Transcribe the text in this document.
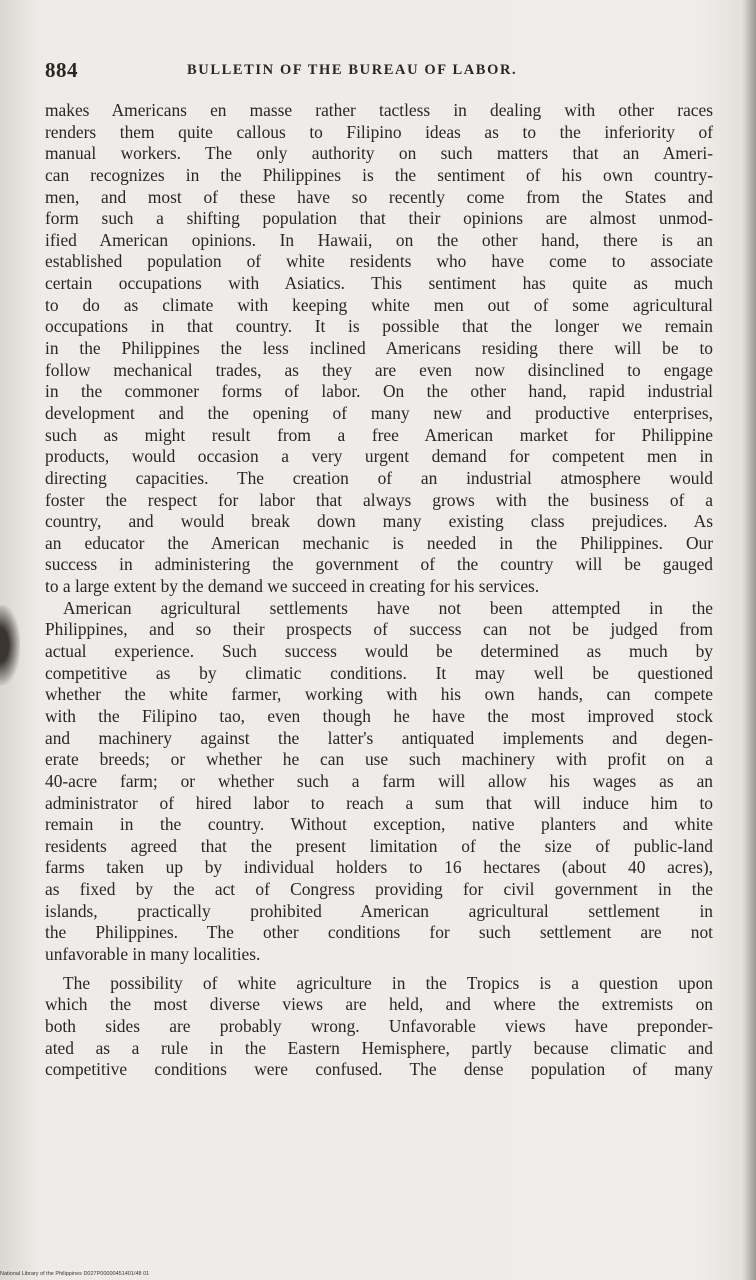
884	BULLETIN OF THE BUREAU OF LABOR.

makes Americans en masse rather tactless in dealing with other races

renders them quite callous to Filipino ideas as to the inferiority of

manual workers. The only authority on such matters that an Ameri-

can recognizes in the Philippines is the sentiment of his own country-

men, and most of these have so recently come from the States and

form such a shifting population that their opinions are almost unmod-

ified American opinions. In Hawaii, on the other hand, there is an

established population of white residents who have come to associate

certain occupations with Asiatics. This sentiment has quite as much

to do as climate with keeping white men out of some agricultural

occupations in that country. It is possible that the longer we remain

in the Philippines the less inclined Americans residing there will be to

follow mechanical trades, as they are even now disinclined to engage

in the commoner forms of labor. On the other hand, rapid industrial

development and the opening of many new and productive enterprises,

such as might result from a free American market for Philippine

products, would occasion a very urgent demand for competent men in

directing capacities. The creation of an industrial atmosphere would

foster the respect for labor that always grows with the business of a

country, and would break down many existing class prejudices. As

an educator the American mechanic is needed in the Philippines. Our

success in administering the government of the country will be gauged

to a large extent by the demand we succeed in creating for his services.

American agricultural settlements have not been attempted in the

Philippines, and so their prospects of success can not be judged from

actual experience. Such success would be determined as much by

competitive as by climatic conditions. It may well be questioned

whether the white farmer, working with his own hands, can compete

with the Filipino tao, even though he have the most improved stock

and machinery against the latter's antiquated implements and degen-

erate breeds; or whether he can use such machinery with profit on a

40-acre farm; or whether such a farm will allow his wages as an

administrator of hired labor to reach a sum that will induce him to

remain in the country. Without exception, native planters and white

residents agreed that the present limitation of the size of public-land

farms taken up by individual holders to 16 hectares (about 40 acres),

as fixed by the act of Congress providing for civil government in the

islands, practically prohibited American agricultural settlement in

the Philippines. The other conditions for such settlement are not

unfavorable in many localities.

The possibility of white agriculture in the Tropics is a question upon

which the most diverse views are held, and where the extremists on

both sides are probably wrong. Unfavorable views have preponder-

ated as a rule in the Eastern Hemisphere, partly because climatic and

competitive conditions were confused. The dense population of many

National Library of the Philippines D027P00000451401/48 01
